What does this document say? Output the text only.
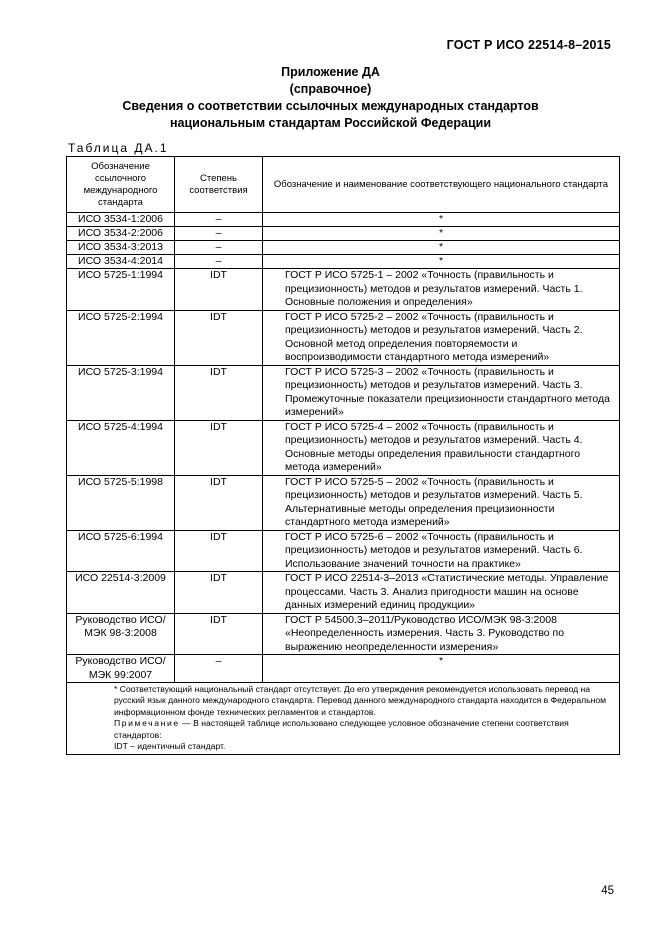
ГОСТ Р ИСО 22514-8–2015
Приложение ДА
(справочное)
Сведения о соответствии ссылочных международных стандартов
национальным стандартам Российской Федерации
Таблица ДА.1
Обозначение ссылочного международного стандарта	Степень соответствия	Обозначение и наименование соответствующего национального стандарта
ИСО 3534-1:2006	–	*
ИСО 3534-2:2006	–	*
ИСО 3534-3:2013	–	*
ИСО 3534-4:2014	–	*
ИСО 5725-1:1994	IDT	ГОСТ Р ИСО 5725-1 – 2002 «Точность (правильность и прецизионность) методов и результатов измерений. Часть 1. Основные положения и определения»

ИСО 5725-2:1994	IDT	ГОСТ Р ИСО 5725-2 – 2002 «Точность (правильность и прецизионность) методов и результатов измерений. Часть 2. Основной метод определения повторяемости и воспроизводимости стандартного метода измерений»

ИСО 5725-3:1994	IDT	ГОСТ Р ИСО 5725-3 – 2002 «Точность (правильность и прецизионность) методов и результатов измерений. Часть 3. Промежуточные показатели прецизионности стандартного метода измерений»

ИСО 5725-4:1994	IDT	ГОСТ Р ИСО 5725-4 – 2002 «Точность (правильность и прецизионность) методов и результатов измерений. Часть 4. Основные методы определения правильности стандартного метода измерений»

ИСО 5725-5:1998	IDT	ГОСТ Р ИСО 5725-5 – 2002 «Точность (правильность и прецизионность) методов и результатов измерений. Часть 5. Альтернативные методы определения прецизионности стандартного метода измерений»

ИСО 5725-6:1994	IDT	ГОСТ Р ИСО 5725-6 – 2002 «Точность (правильность и прецизионность) методов и результатов измерений. Часть 6. Использование значений точности на практике»

ИСО 22514-3:2009	IDT	ГОСТ Р ИСО 22514-3–2013 «Статистические методы. Управление процессами. Часть 3. Анализ пригодности машин на основе данных измерений единиц продукции»

Руководство ИСО/МЭК 98-3:2008	IDT	ГОСТ Р 54500.3–2011/Руководство ИСО/МЭК 98-3:2008 «Неопределенность измерения. Часть 3. Руководство по выражению неопределенности измерения»

Руководство ИСО/МЭК 99:2007	–	*

* Соответствующий национальный стандарт отсутствует. До его утверждения рекомендуется использовать перевод на русский язык данного международного стандарта. Перевод данного международного стандарта находится в Федеральном информационном фонде технических регламентов и стандартов.
Примечание — В настоящей таблице использовано следующее условное обозначение степени соответствия стандартов:
IDT – идентичный стандарт.		
45
